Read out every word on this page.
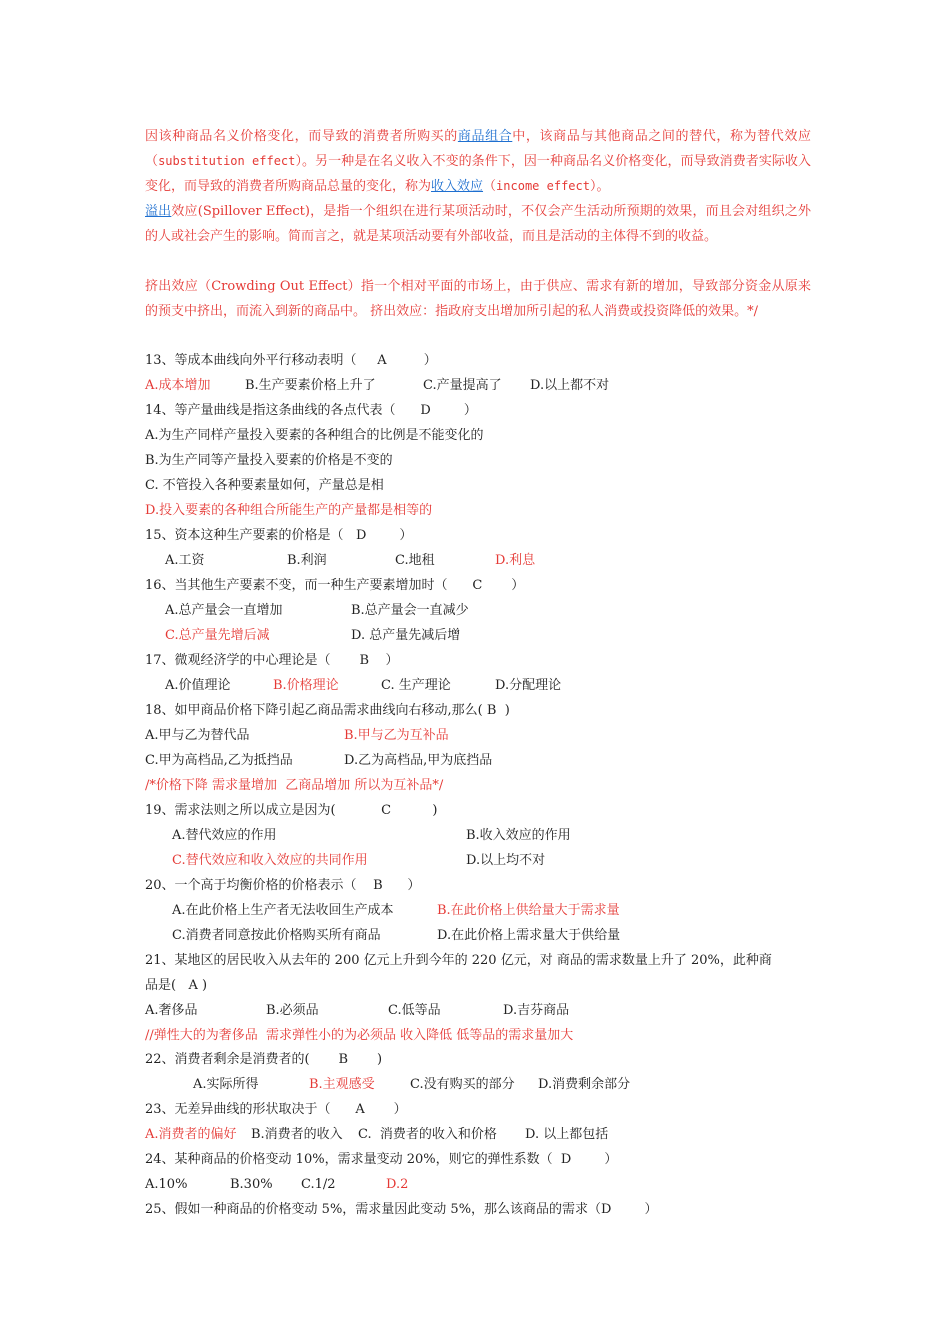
因该种商品名义价格变化，而导致的消费者所购买的商品组合中，该商品与其他商品之间的替代，称为替代效应（substitution effect）。另一种是在名义收入不变的条件下，因一种商品名义价格变化，而导致消费者实际收入变化，而导致的消费者所购商品总量的变化，称为收入效应（income effect）。

溢出效应(Spillover Effect)，是指一个组织在进行某项活动时，不仅会产生活动所预期的效果，而且会对组织之外的人或社会产生的影响。简而言之，就是某项活动要有外部收益，而且是活动的主体得不到的收益。

挤出效应（Crowding Out Effect）指一个相对平面的市场上，由于供应、需求有新的增加，导致部分资金从原来的预支中挤出，而流入到新的商品中。 挤出效应：指政府支出增加所引起的私人消费或投资降低的效果。*/

13、等成本曲线向外平行移动表明（     A         ）
A.成本增加	B.生产要素价格上升了	C.产量提高了 D.以上都不对
14、等产量曲线是指这条曲线的各点代表（      D        ）
A.为生产同样产量投入要素的各种组合的比例是不能变化的
B.为生产同等产量投入要素的价格是不变的
C. 不管投入各种要素量如何，产量总是相
D.投入要素的各种组合所能生产的产量都是相等的
15、资本这种生产要素的价格是（   D        ）
A.工资	B.利润	C.地租	D.利息
16、当其他生产要素不变，而一种生产要素增加时（      C       ）
A.总产量会一直增加	B.总产量会一直减少
C.总产量先增后减	D. 总产量先减后增
17、微观经济学的中心理论是（       B    ）
A.价值理论	B.价格理论	C. 生产理论	D.分配理论
18、如甲商品价格下降引起乙商品需求曲线向右移动,那么( B  )
A.甲与乙为替代品	B.甲与乙为互补品
C.甲为高档品,乙为抵挡品	D.乙为高档品,甲为底挡品
/*价格下降 需求量增加  乙商品增加 所以为互补品*/
19、需求法则之所以成立是因为(           C          )
A.替代效应的作用	B.收入效应的作用
C.替代效应和收入效应的共同作用	D.以上均不对
20、一个高于均衡价格的价格表示（    B      ）
A.在此价格上生产者无法收回生产成本	B.在此价格上供给量大于需求量
C.消费者同意按此价格购买所有商品	D.在此价格上需求量大于供给量
21、某地区的居民收入从去年的 200 亿元上升到今年的 220 亿元，对 商品的需求数量上升了 20%，此种商
品是(   A )
A.奢侈品	B.必须品	C.低等品	D.吉芬商品
//弹性大的为奢侈品  需求弹性小的为必须品 收入降低 低等品的需求量加大
22、消费者剩余是消费者的(       B       )
A.实际所得	B.主观感受	C.没有购买的部分 D.消费剩余部分
23、无差异曲线的形状取决于（      A       ）
A.消费者的偏好 B.消费者的收入 C.  消费者的收入和价格 D. 以上都包括
24、某种商品的价格变动 10%，需求量变动 20%，则它的弹性系数（  D        ）
A.10%	B.30% C.1/2	D.2
25、假如一种商品的价格变动 5%，需求量因此变动 5%，那么该商品的需求（D        ）
